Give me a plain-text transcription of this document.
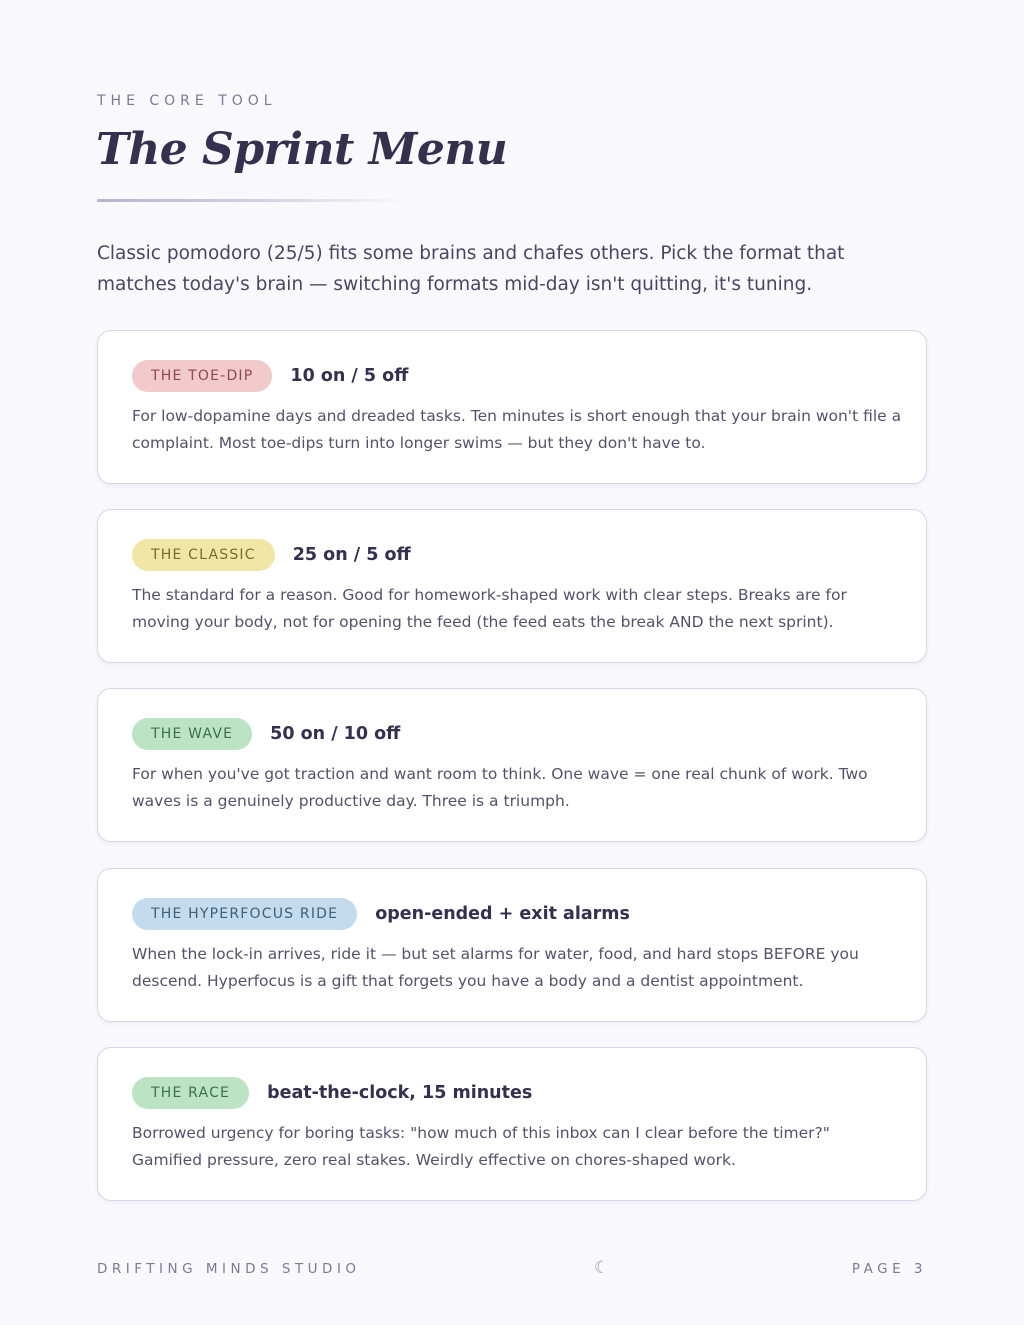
THE CORE TOOL
The Sprint Menu

Classic pomodoro (25/5) fits some brains and chafes others. Pick the format that matches today's brain — switching formats mid-day isn't quitting, it's tuning.

THE TOE-DIP	10 on / 5 off

For low-dopamine days and dreaded tasks. Ten minutes is short enough that your brain won't file a complaint. Most toe-dips turn into longer swims — but they don't have to.

THE CLASSIC	25 on / 5 off

The standard for a reason. Good for homework-shaped work with clear steps. Breaks are for moving your body, not for opening the feed (the feed eats the break AND the next sprint).

THE WAVE	50 on / 10 off

For when you've got traction and want room to think. One wave = one real chunk of work. Two waves is a genuinely productive day. Three is a triumph.

THE HYPERFOCUS RIDE	open-ended + exit alarms

When the lock-in arrives, ride it — but set alarms for water, food, and hard stops BEFORE you descend. Hyperfocus is a gift that forgets you have a body and a dentist appointment.

THE RACE	beat-the-clock, 15 minutes

Borrowed urgency for boring tasks: "how much of this inbox can I clear before the timer?" Gamified pressure, zero real stakes. Weirdly effective on chores-shaped work.

DRIFTING MINDS STUDIO	☾	PAGE 3
